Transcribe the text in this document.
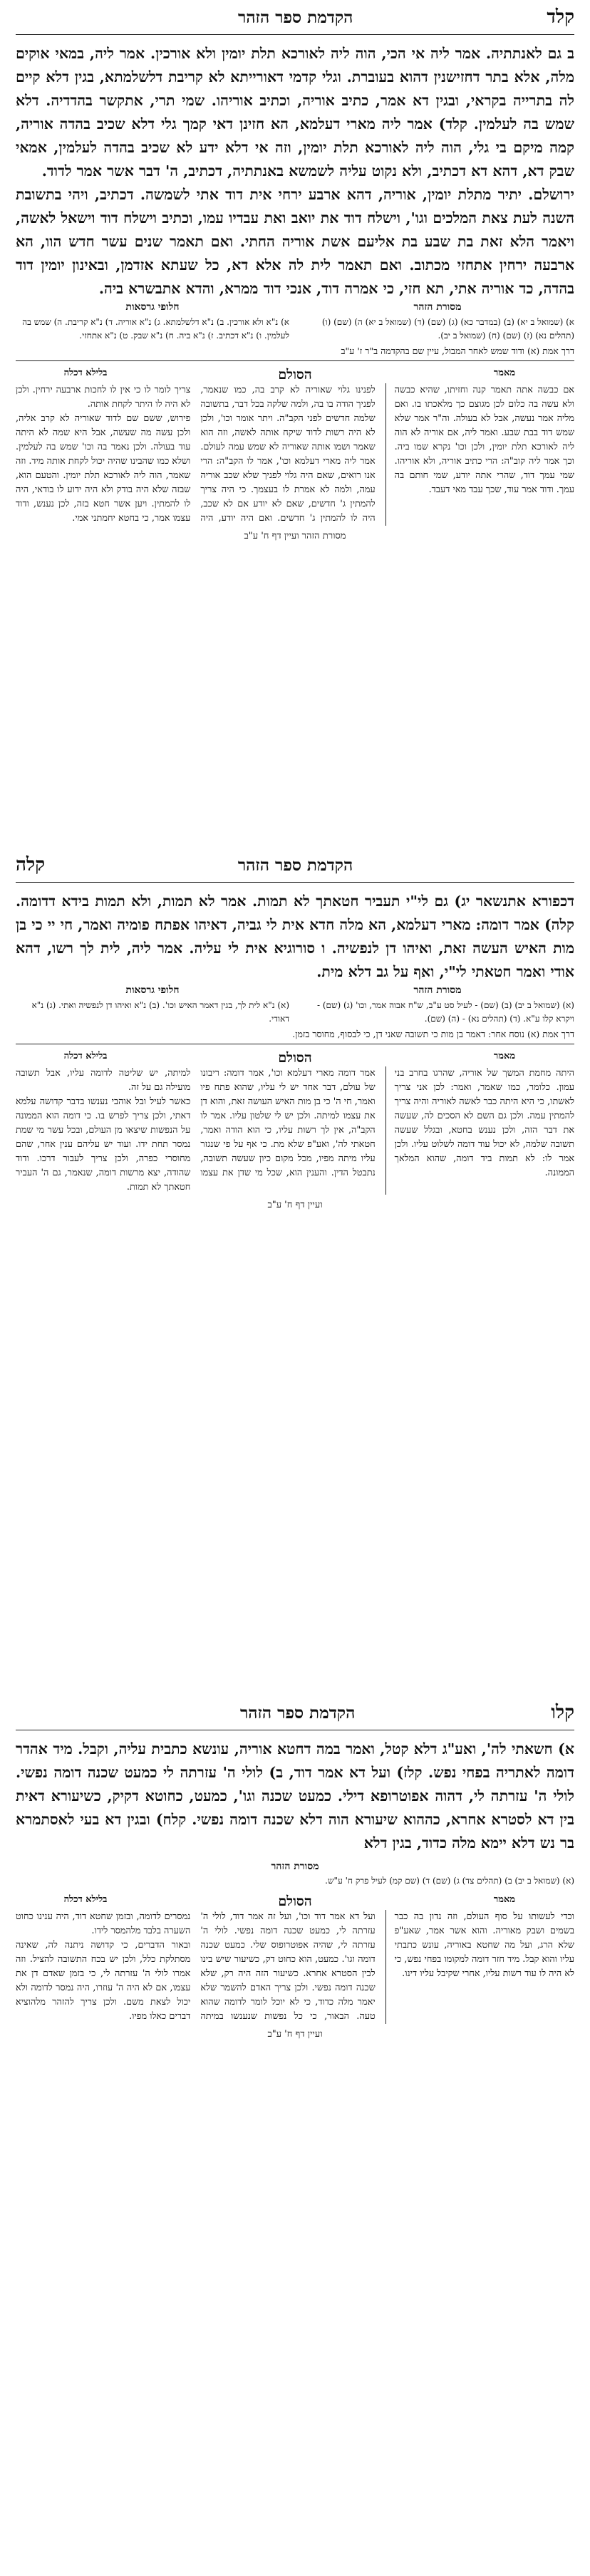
קלד
הקדמת ספר הזהר

ב גם לאנתתיה. אמר ליה אי הכי, הוה ליה לאורכא תלת יומין ולא אורכין. אמר ליה, במאי אוקים מלה, אלא בתר דחזישנין דהוא בעוברת. וגלי קדמי דאורייתא לא קריבת דלשלמתא, בגין דלא קיים לה בתרייה בקראי, ובגין דא אמר, כתיב אוריה, וכתיב אוריהו. שמי תרי, אתקשר בהדדיה. דלא שמש בה לעלמין. קלד) אמר ליה מארי דעלמא, הא חזינן דאי קמך גלי דלא שכיב בהדה אוריה, קמה מיקם בי גלי, הוה ליה לאורכא תלת יומין, וזה אי דלא ידע לא שכיב בהדה לעלמין, אמאי שבק דא, דהא דא דכתיב, ולא נקוט עליה לשמשא באנתתיה, דכתיב, ה' דבר אשר אמר לדוד.

ירושלם. יתיר מתלת יומין, אוריה, דהא ארבע ירחי אית דוד אתי לשמשה. דכתיב, ויהי בתשובת השנה לעת צאת המלכים וגו', וישלח דוד את יואב ואת עבדיו עמו, וכתיב וישלח דוד וישאל לאשה, ויאמר הלא זאת בת שבע בת אליעם אשת אוריה החתי. ואם תאמר שנים עשר חדש הוו, הא ארבעה ירחין אתחזי מכתוב. ואם תאמר לית לה אלא דא, כל שעתא אזדמן, ובאינון יומין דוד בהדה, כד אוריה אתי, תא חזי, כי אמרה דוד, אנכי דוד ממרא, והדא אתבשרא ביה.

מסורת הזהר
א) (שמואל ב יא) (ב) (במדבר כא) (ג) (שם) (ד) (שמואל ב יא) ה) (שם) (ו) (תהלים נא) (ז) (שם) (ח) (שמואל ב יב).
חלופי גרסאות
א) נ"א ולא אורכין. ב) נ"א דלשלמתא. ג) נ"א אוריה. ד) נ"א קריבת. ה) שמש בה לעלמין. ו) נ"א דכתיב. ז) נ"א ביה. ח) נ"א שבק. ט) נ"א אתחזי.
דרך אמת (א) ודוד שמש לאחר המבול, עיין שם בהקדמה ב"ר ז' ע"ב
מאמר
הסולם
בלילא דכלה

אם כבשה אתה תאמר קנה וחזיתו, שהיא כבשה ולא עשה בה כלום לכן מגוצם כך מלאכתו בו. ואם מליה אמר נעשה, אבל לא בעולה. וה"ר אמר שלא שמש דוד בבת שבע. ואמר ליה, אם אוריה לא הוה ליה לאורכא תלת יומין, ולכן וכו' נקרא שמו ביה. וכך אמר ליה קוב"ה: הרי כתיב אוריה, ולא אוריהו. שמי עמך דוד, שהרי אתה יודע, שמי חותם בה עמך. ודוד אמר עוד, שכך עבד מאי דעבד.

לפנינו גלוי שאוריה לא קרב בה, כמו שנאמר, לפניך הודה בו בה, ולמה שלקה בכל דבר, בתשובה שלמה חדשים לפני הקב"ה. ויתר אומר וכו', ולכן לא היה רשות לדוד שיקח אותה לאשה, וזה הוא שאמר ושמו אותה שאוריה לא שמש עמה לעולם. אמר ליה מארי דעלמא וכו', אמר לו הקב"ה: הרי אנו רואים, שאם היה גלוי לפניך שלא שכב אוריה עמה, ולמה לא אמרת לו בעצמך. כי היה צריך להמתין ג' חדשים, שאם לא יודע אם לא שכב, היה לו להמתין ג' חדשים. ואם היה יודע, היה צריך לומר לו כי אין לו לחכות ארבעה ירחין. ולכן לא היה לו היתר לקחת אותה.

פירוש, ששם שם לדוד שאוריה לא קרב אליה, ולכן עשה מה שעשה, אבל היא שמה לא היתה עוד בעולה. ולכן נאמר בה וכו' שמש בה לעלמין. ושלא כמו שהבינו שהיה יכול לקחת אותה מיד. וזה שאמר, הוה ליה לאורכא תלת יומין. והטעם הוא, שבזה שלא היה בודק ולא היה ידוע לו בודאי, היה לו להמתין. ויען אשר חטא בזה, לכן נענש, ודוד עצמו אמר, כי בחטא יחמתני אמי.

מסורת הזהר ועיין דף ח' ע"ב
הקדמת ספר הזהר
קלה

דכפורא אתנשאר יג) גם לי"י תעביר חטאתך לא תמות. אמר לא תמות, ולא תמות בידא דדומה. קלה) אמר דומה: מארי דעלמא, הא מלה חדא אית לי גביה, דאיהו אפתח פומיה ואמר, חי יי כי בן מות האיש העשה זאת, ואיהו דן לנפשיה. ו סורוגיא אית לי עליה. אמר ליה, לית לך רשו, דהא אודי ואמר חטאתי לי"י, ואף על גב דלא מית.

מסורת הזהר
(א) (שמואל ב יב) (ב) (שם) - לעיל סט ע"ב, ש"ח אבוה אמר, וכו' (ג) (שם) - ויקרא קלו ע"א. (ד) (תהלים נא) - (ה) (שם).
חלופי גרסאות
(א) נ"א לית לך, בגין דאמר האיש וכו'. (ב) נ"א ואיהו דן לנפשיה ואתי. (ג) נ"א דאודי.
דרך אמת (א) נוסח אחר: דאמר בן מות כי תשובה שאני דן, כי לבסוף, מחוסר בזמן.
מאמר
הסולם
בלילא דכלה

היתה מחמת המשך של אוריה, שהרגו בחרב בני עמון. כלומר, כמו שאמר, ואמר: לכן אני צריך לאשתו, כי היא היתה כבר לאשה לאוריה והיה צריך להמתין עמה. ולכן גם השם לא הסכים לה, שעשה את דבר הזה, ולכן נענש בחטא, ובגלל שעשה תשובה שלמה, לא יכול עוד דומה לשלוט עליו. ולכן אמר לו: לא תמות ביד דומה, שהוא המלאך הממונה.

אמר דומה מארי דעלמא וכו', אמר דומה: ריבונו של עולם, דבר אחד יש לי עליו, שהוא פתח פיו ואמר, חי ה' כי בן מות האיש העושה זאת, והוא דן את עצמו למיתה. ולכן יש לי שלטון עליו. אמר לו הקב"ה, אין לך רשות עליו, כי הוא הודה ואמר, חטאתי לה', ואע"פ שלא מת. כי אף על פי שנגזר עליו מיתה מפיו, מכל מקום כיון שעשה תשובה, נתבטל הדין. והענין הוא, שכל מי שדן את עצמו למיתה, יש שליטה לדומה עליו, אבל תשובה מועילה גם על זה.

כאשר לעיל ובל אוהבי נענשו בדבר קדושה עלמא דאתי, ולכן צריך לפרש בו. כי דומה הוא הממונה על הנפשות שיצאו מן העולם, ובכל עשר מי שמת נמסר תחת ידו. ועוד יש עליהם ענין אחר, שהם מחוסרי כפרה, ולכן צריך לעבור דרכו. ודוד שהודה, יצא מרשות דומה, שנאמר, גם ה' העביר חטאתך לא תמות.

ועיין דף ח' ע"ב
קלו
הקדמת ספר הזהר

א) חשאתי לה', ואע"ג דלא קטל, ואמר במה דחטא אוריה, עונשא כתבית עליה, וקבל. מיד אהדר דומה לאתריה בפחי נפש. קלז) ועל דא אמר דוד, ב) לולי ה' עזרתה לי כמעט שכנה דומה נפשי. לולי ה' עזרתה לי, דהוה אפוטרופא דילי. כמעט שכנה וגו', כמעט, כחוטא דקיק, כשיעורא דאית בין דא לסטרא אחרא, כההוא שיעורא הוה דלא שכנה דומה נפשי. קלח) ובגין דא בעי לאסתמרא בר נש דלא יימא מלה כדוד, בגין דלא

מסורת הזהר
(א) (שמואל ב יב) ב) (תהלים צד) ג) (שם) ד) (שם קמ) לעיל פרק ח' ע"ש.
מאמר
הסולם
בלילא דכלה

וכדי לעשותו על סוף העולם, וזה נדון בה כבר בשמים ושבק מאוריה. והוא אשר אמר, שאע"פ שלא הרג, ועל מה שחטא באוריה, עונש כתבתי עליו והוא קבל. מיד חזר דומה למקומו בפחי נפש, כי לא היה לו עוד רשות עליו, אחרי שקיבל עליו דינו.

ועל דא אמר דוד וכו', ועל זה אמר דוד, לולי ה' עזרתה לי, כמעט שכנה דומה נפשי. לולי ה' עזרתה לי, שהיה אפוטרופוס שלי. כמעט שכנה דומה וגו'. כמעט, הוא כחוט דק, כשיעור שיש בינו לבין הסטרא אחרא. כשיעור הזה היה רק, שלא שכנה דומה נפשי. ולכן צריך האדם להשמר שלא יאמר מלה כדוד, כי לא יוכל לומר לדומה שהוא טעה. הבאור, כי כל נפשות שנענשו במיתה נמסרים לדומה, ובזמן שחטא דוד, היה ענינו כחוט השערה בלבד מלהמסר לידו.

ובאור הדברים, כי קדושה ניתנה לה, שאינה מסתלקת כלל, ולכן יש בכח התשובה להציל. וזה אמרו לולי ה' עזרתה לי, כי בזמן שאדם דן את עצמו, אם לא היה ה' עוזרו, היה נמסר לדומה ולא יכול לצאת משם. ולכן צריך להזהר מלהוציא דברים כאלו מפיו.

ועיין דף ח' ע"ב
